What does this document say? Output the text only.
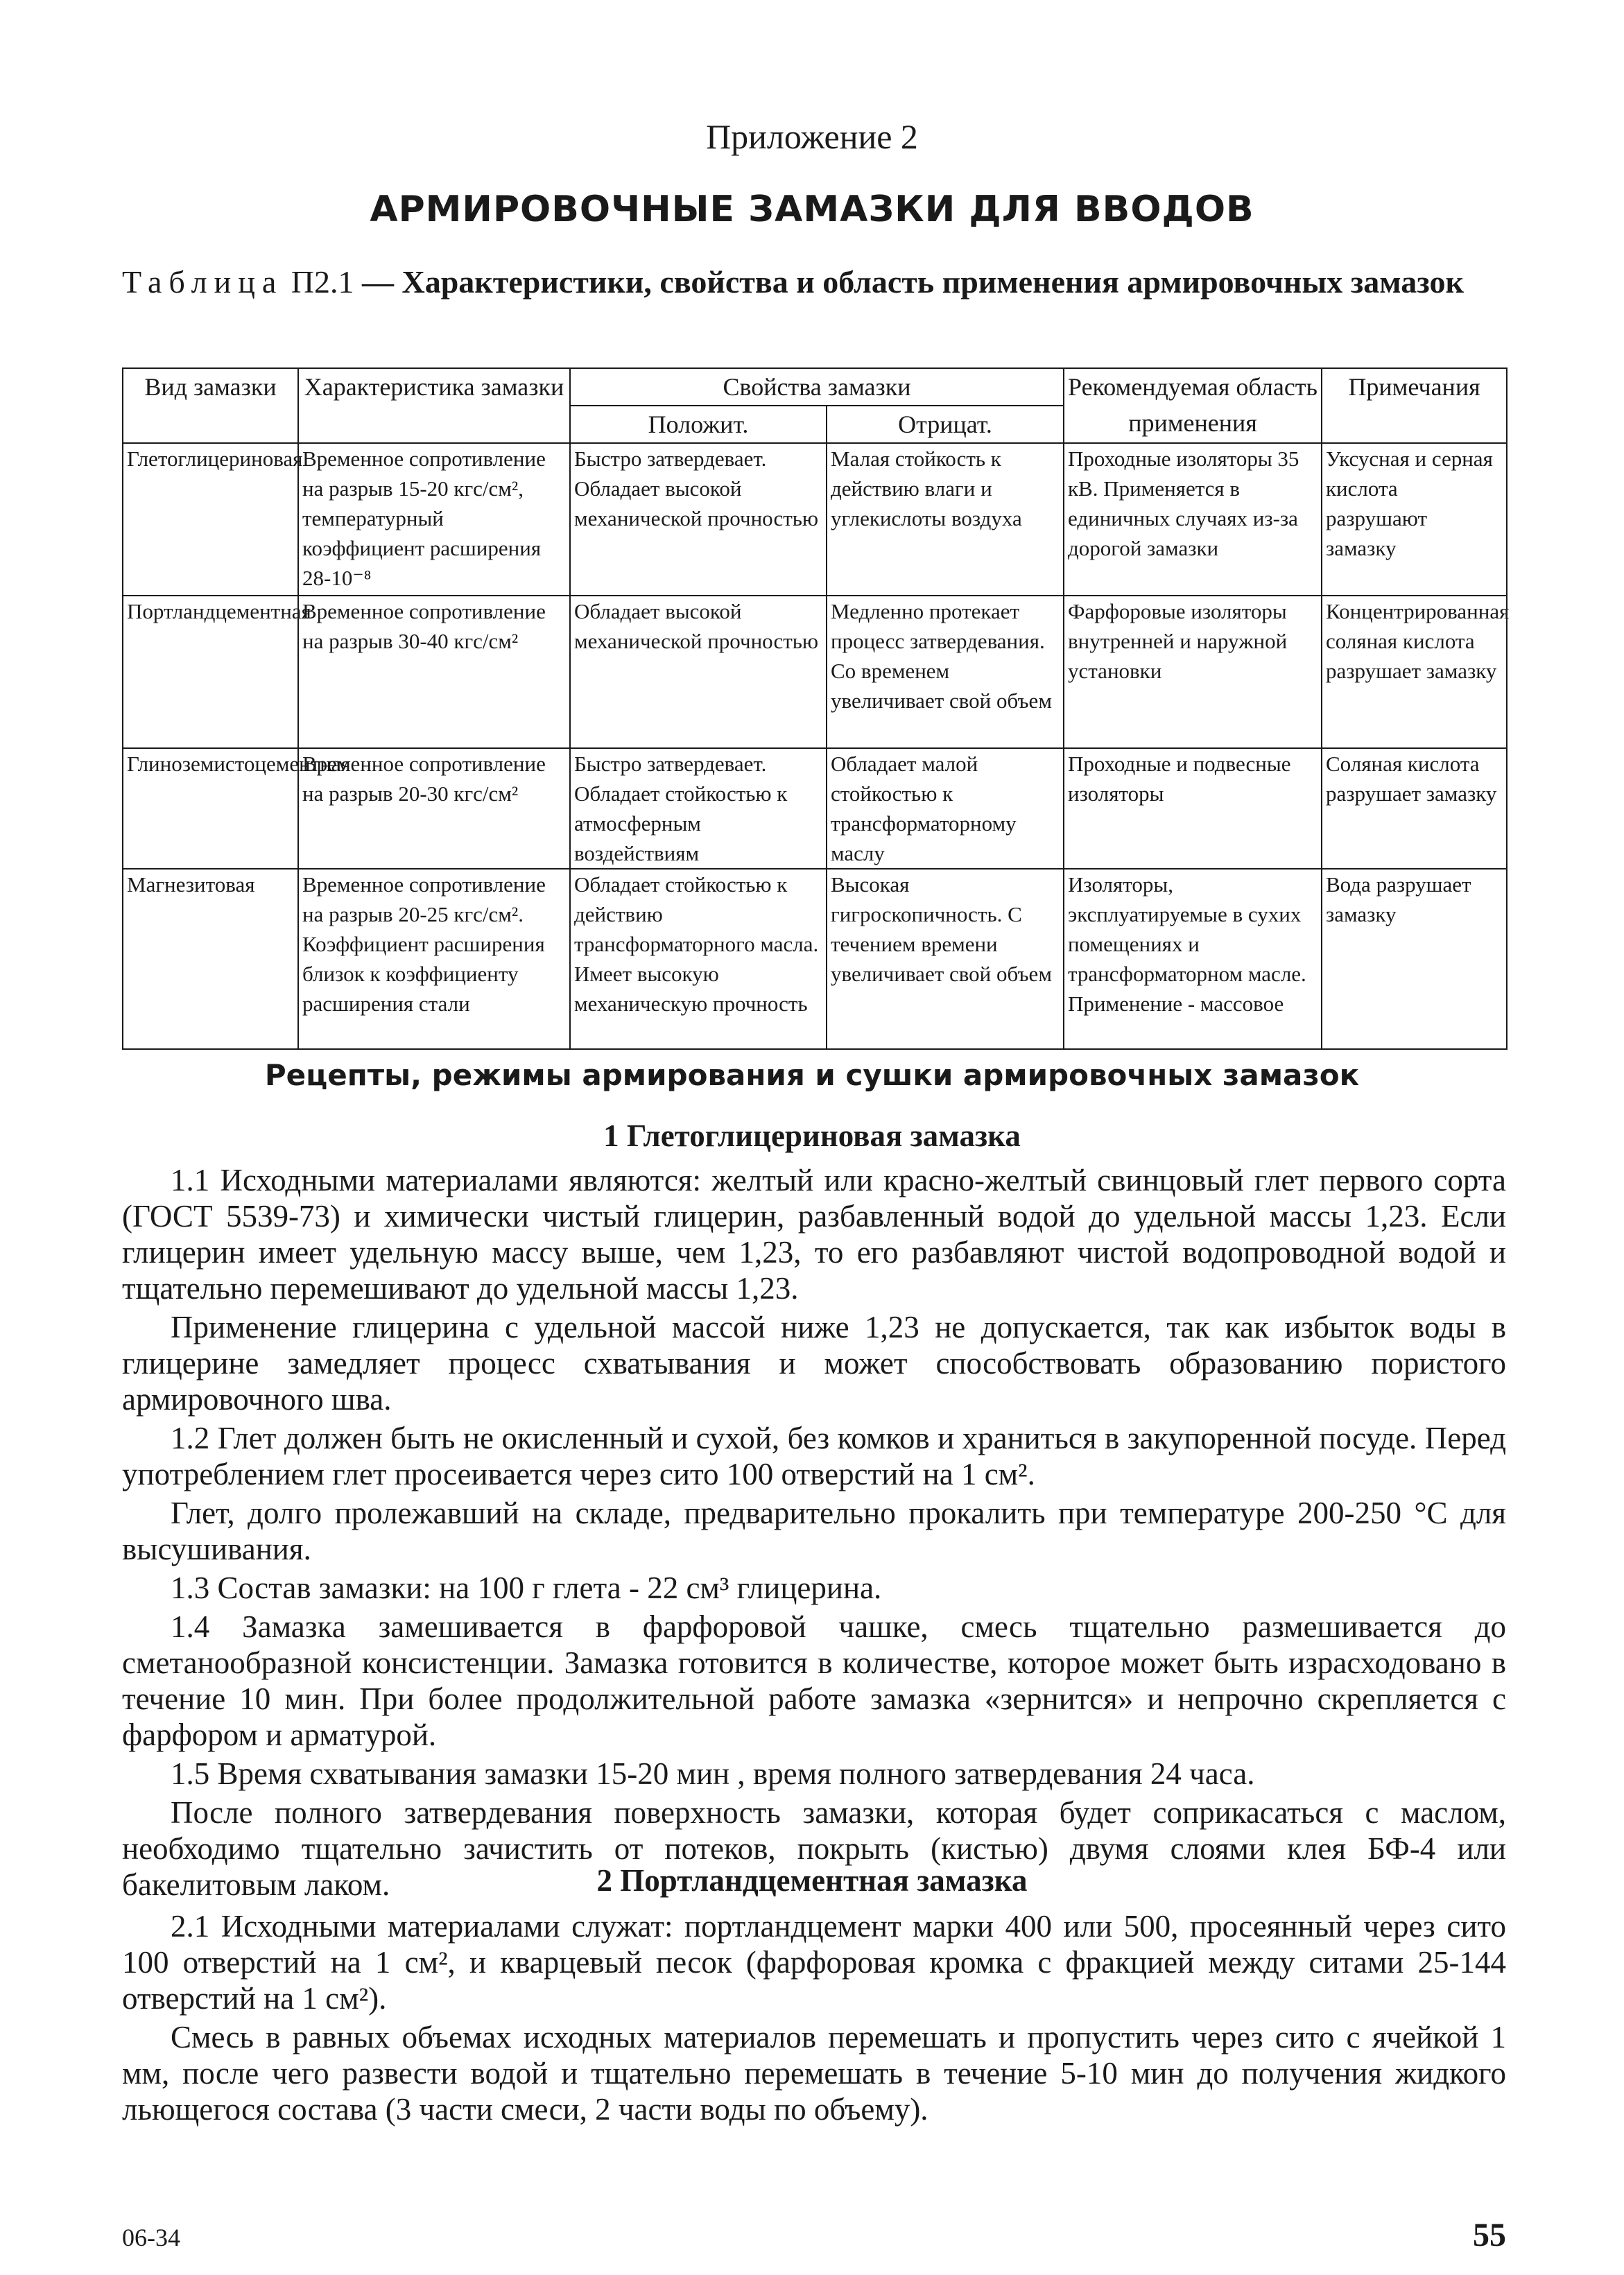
Приложение 2
АРМИРОВОЧНЫЕ ЗАМАЗКИ ДЛЯ ВВОДОВ
Таблица П2.1 — Характеристики, свойства и область применения армировочных замазок
Вид замазки	Характеристика замазки	Свойства замазки		Рекомендуемая область применения	Примечания
		Положит.	Отрицат.		
Глетоглицериновая	Временное сопротивление на разрыв 15-20 кгс/см², температурный коэффициент расширения 28-10⁻⁸	Быстро затвердевает. Обладает высокой механической прочностью	Малая стойкость к действию влаги и углекислоты воздуха	Проходные изоляторы 35 кВ. Применяется в единичных случаях из-за дорогой замазки	Уксусная и серная кислота разрушают замазку
Портландцементная	Временное сопротивление на разрыв 30-40 кгс/см²	Обладает высокой механической прочностью	Медленно протекает процесс затвердевания. Со временем увеличивает свой объем	Фарфоровые изоляторы внутренней и наружной установки	Концентрированная соляная кислота разрушает замазку
Глиноземистоцементная	Временное сопротивление на разрыв 20-30 кгс/см²	Быстро затвердевает. Обладает стойкостью к атмосферным воздействиям	Обладает малой стойкостью к трансформаторному маслу	Проходные и подвесные изоляторы	Соляная кислота разрушает замазку
Магнезитовая	Временное сопротивление на разрыв 20-25 кгс/см². Коэффициент расширения близок к коэффициенту расширения стали	Обладает стойкостью к действию трансформаторного масла. Имеет высокую механическую прочность	Высокая гигроскопичность. С течением времени увеличивает свой объем	Изоляторы, эксплуатируемые в сухих помещениях и трансформаторном масле. Применение - массовое	Вода разрушает замазку
Рецепты, режимы армирования и сушки армировочных замазок
1 Глетоглицериновая замазка

1.1 Исходными материалами являются: желтый или красно-желтый свинцовый глет первого сорта (ГОСТ 5539-73) и химически чистый глицерин, разбавленный водой до удельной массы 1,23. Если глицерин имеет удельную массу выше, чем 1,23, то его разбавляют чистой водопроводной водой и тщательно перемешивают до удельной массы 1,23.

Применение глицерина с удельной массой ниже 1,23 не допускается, так как избыток воды в глицерине замедляет процесс схватывания и может способствовать образованию пористого армировочного шва.

1.2 Глет должен быть не окисленный и сухой, без комков и храниться в закупоренной посуде. Перед употреблением глет просеивается через сито 100 отверстий на 1 см².

Глет, долго пролежавший на складе, предварительно прокалить при температуре 200-250 °С для высушивания.

1.3 Состав замазки: на 100 г глета - 22 см³ глицерина.

1.4 Замазка замешивается в фарфоровой чашке, смесь тщательно размешивается до сметанообразной консистенции. Замазка готовится в количестве, которое может быть израсходовано в течение 10 мин. При более продолжительной работе замазка «зернится» и непрочно скрепляется с фарфором и арматурой.

1.5 Время схватывания замазки 15-20 мин , время полного затвердевания 24 часа.

После полного затвердевания поверхность замазки, которая будет соприкасаться с маслом, необходимо тщательно зачистить от потеков, покрыть (кистью) двумя слоями клея БФ-4 или бакелитовым лаком.	2 Портландцементная замазка

2.1 Исходными материалами служат: портландцемент марки 400 или 500, просеянный через сито 100 отверстий на 1 см², и кварцевый песок (фарфоровая кромка с фракцией между ситами 25-144 отверстий на 1 см²).

Смесь в равных объемах исходных материалов перемешать и пропустить через сито с ячейкой 1 мм, после чего развести водой и тщательно перемешать в течение 5-10 мин до получения жидкого льющегося состава (3 части смеси, 2 части воды по объему).

06-34	55
